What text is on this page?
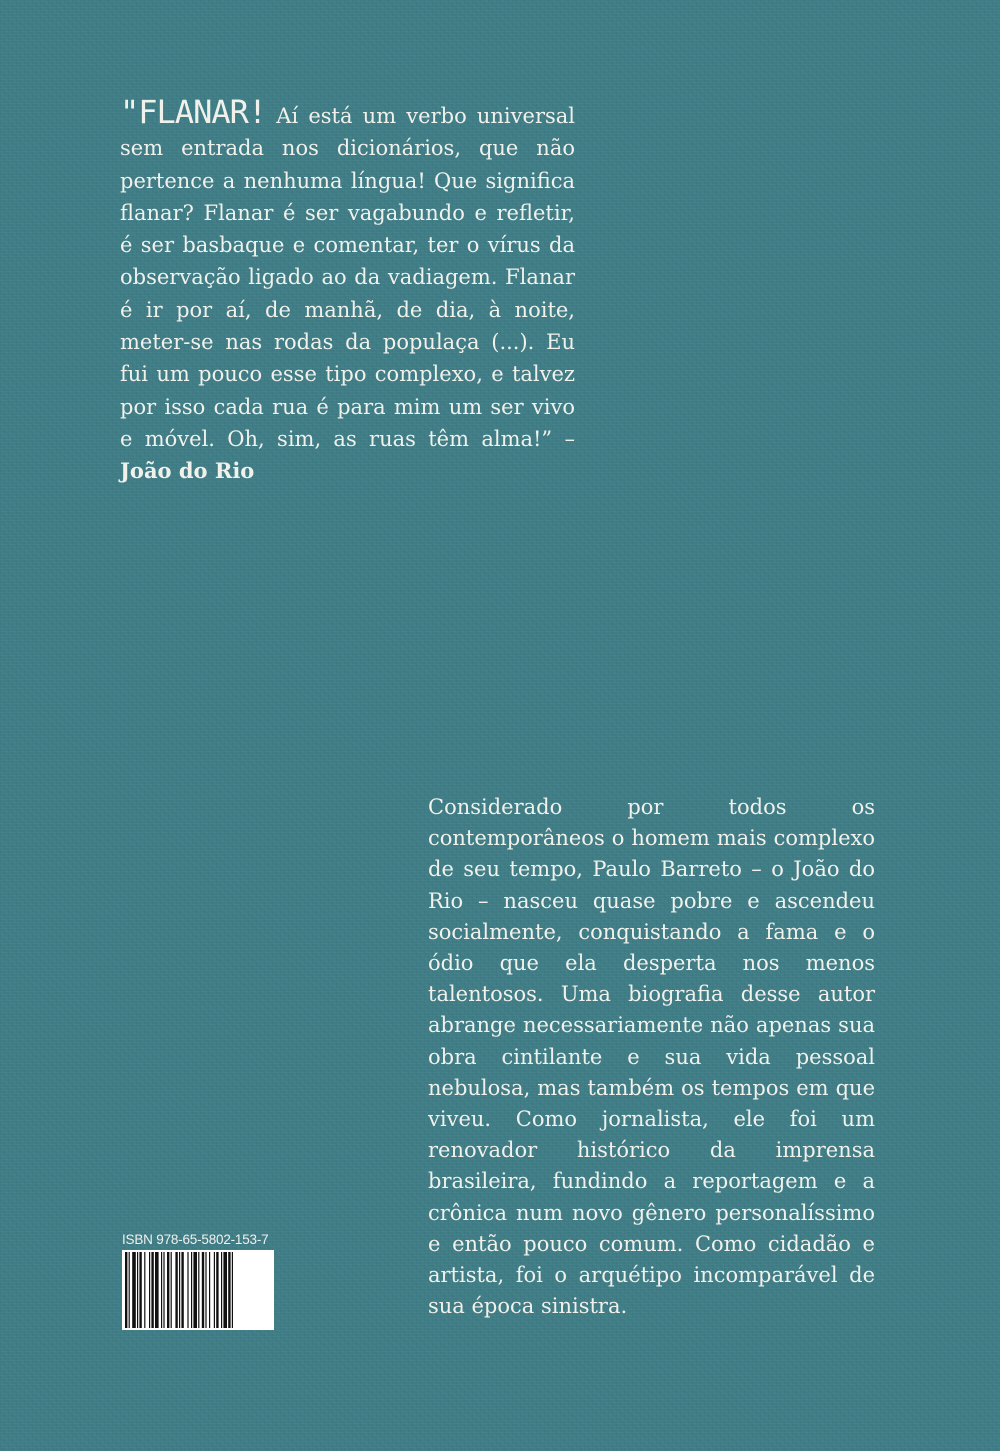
"FLANAR! Aí está um verbo universal sem entrada nos dicionários, que não pertence a nenhuma língua! Que significa flanar? Flanar é ser vagabundo e refletir, é ser basbaque e comentar, ter o vírus da observação ligado ao da vadiagem. Flanar é ir por aí, de manhã, de dia, à noite, meter-se nas rodas da populaça (...). Eu fui um pouco esse tipo complexo, e talvez por isso cada rua é para mim um ser vivo e móvel. Oh, sim, as ruas têm alma!” – João do Rio

Considerado por todos os contemporâneos o homem mais complexo de seu tempo, Paulo Barreto – o João do Rio – nasceu quase pobre e ascendeu socialmente, conquistando a fama e o ódio que ela desperta nos menos talentosos. Uma biografia desse autor abrange necessariamente não apenas sua obra cintilante e sua vida pessoal nebulosa, mas também os tempos em que viveu. Como jornalista, ele foi um renovador histórico da imprensa brasileira, fundindo a reportagem e a crônica num novo gênero personalíssimo e então pouco comum. Como cidadão e artista, foi o arquétipo incomparável de sua época sinistra.

ISBN 978-65-5802-153-7
